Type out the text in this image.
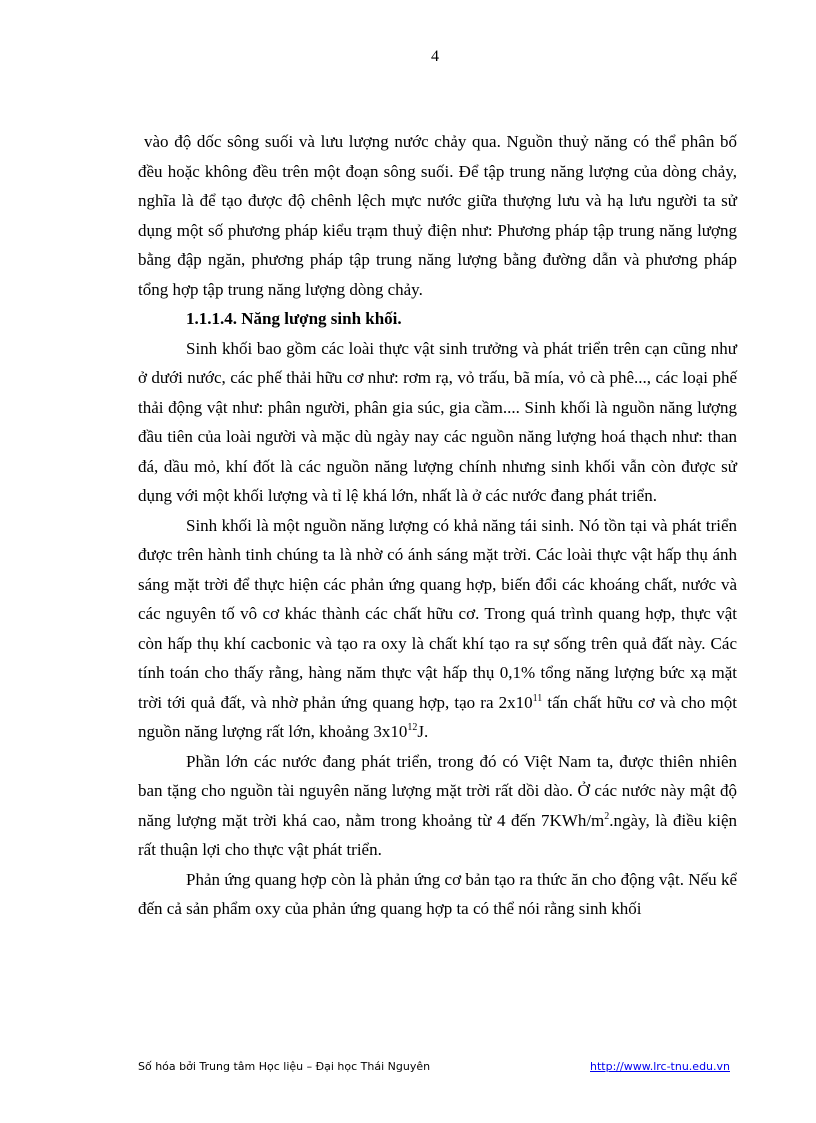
4

vào độ dốc sông suối và lưu lượng nước chảy qua. Nguồn thuỷ năng có thể phân bố đều hoặc không đều trên một đoạn sông suối. Để tập trung năng lượng của dòng chảy, nghĩa là để tạo được độ chênh lệch mực nước giữa thượng lưu và hạ lưu người ta sử dụng một số phương pháp kiểu trạm thuỷ điện như: Phương pháp tập trung năng lượng bằng đập ngăn, phương pháp tập trung năng lượng bằng đường dẫn và phương pháp tổng hợp tập trung năng lượng dòng chảy.

1.1.1.4. Năng lượng sinh khối.

Sinh khối bao gồm các loài thực vật sinh trưởng và phát triển trên cạn cũng như ở dưới nước, các phế thải hữu cơ như: rơm rạ, vỏ trấu, bã mía, vỏ cà phê..., các loại phế thải động vật như: phân người, phân gia súc, gia cầm.... Sinh khối là nguồn năng lượng đầu tiên của loài người và mặc dù ngày nay các nguồn năng lượng hoá thạch như: than đá, dầu mỏ, khí đốt là các nguồn năng lượng chính nhưng sinh khối vẫn còn được sử dụng với một khối lượng và tỉ lệ khá lớn, nhất là ở các nước đang phát triển.

Sinh khối là một nguồn năng lượng có khả năng tái sinh. Nó tồn tại và phát triển được trên hành tinh chúng ta là nhờ có ánh sáng mặt trời. Các loài thực vật hấp thụ ánh sáng mặt trời để thực hiện các phản ứng quang hợp, biến đổi các khoáng chất, nước và các nguyên tố vô cơ khác thành các chất hữu cơ. Trong quá trình quang hợp, thực vật còn hấp thụ khí cacbonic và tạo ra oxy là chất khí tạo ra sự sống trên quả đất này. Các tính toán cho thấy rằng, hàng năm thực vật hấp thụ 0,1% tổng năng lượng bức xạ mặt trời tới quả đất, và nhờ phản ứng quang hợp, tạo ra $2x10^{11}$ tấn chất hữu cơ và cho một nguồn năng lượng rất lớn, khoảng $3x10^{12}J$.

Phần lớn các nước đang phát triển, trong đó có Việt Nam ta, được thiên nhiên ban tặng cho nguồn tài nguyên năng lượng mặt trời rất dồi dào. Ở các nước này mật độ năng lượng mặt trời khá cao, nằm trong khoảng từ 4 đến $7KWh/m^2.ngày$, là điều kiện rất thuận lợi cho thực vật phát triển.

Phản ứng quang hợp còn là phản ứng cơ bản tạo ra thức ăn cho động vật. Nếu kể đến cả sản phẩm oxy của phản ứng quang hợp ta có thể nói rằng sinh khối

Số hóa bởi Trung tâm Học liệu – Đại học Thái Nguyên	http://www.lrc-tnu.edu.vn
